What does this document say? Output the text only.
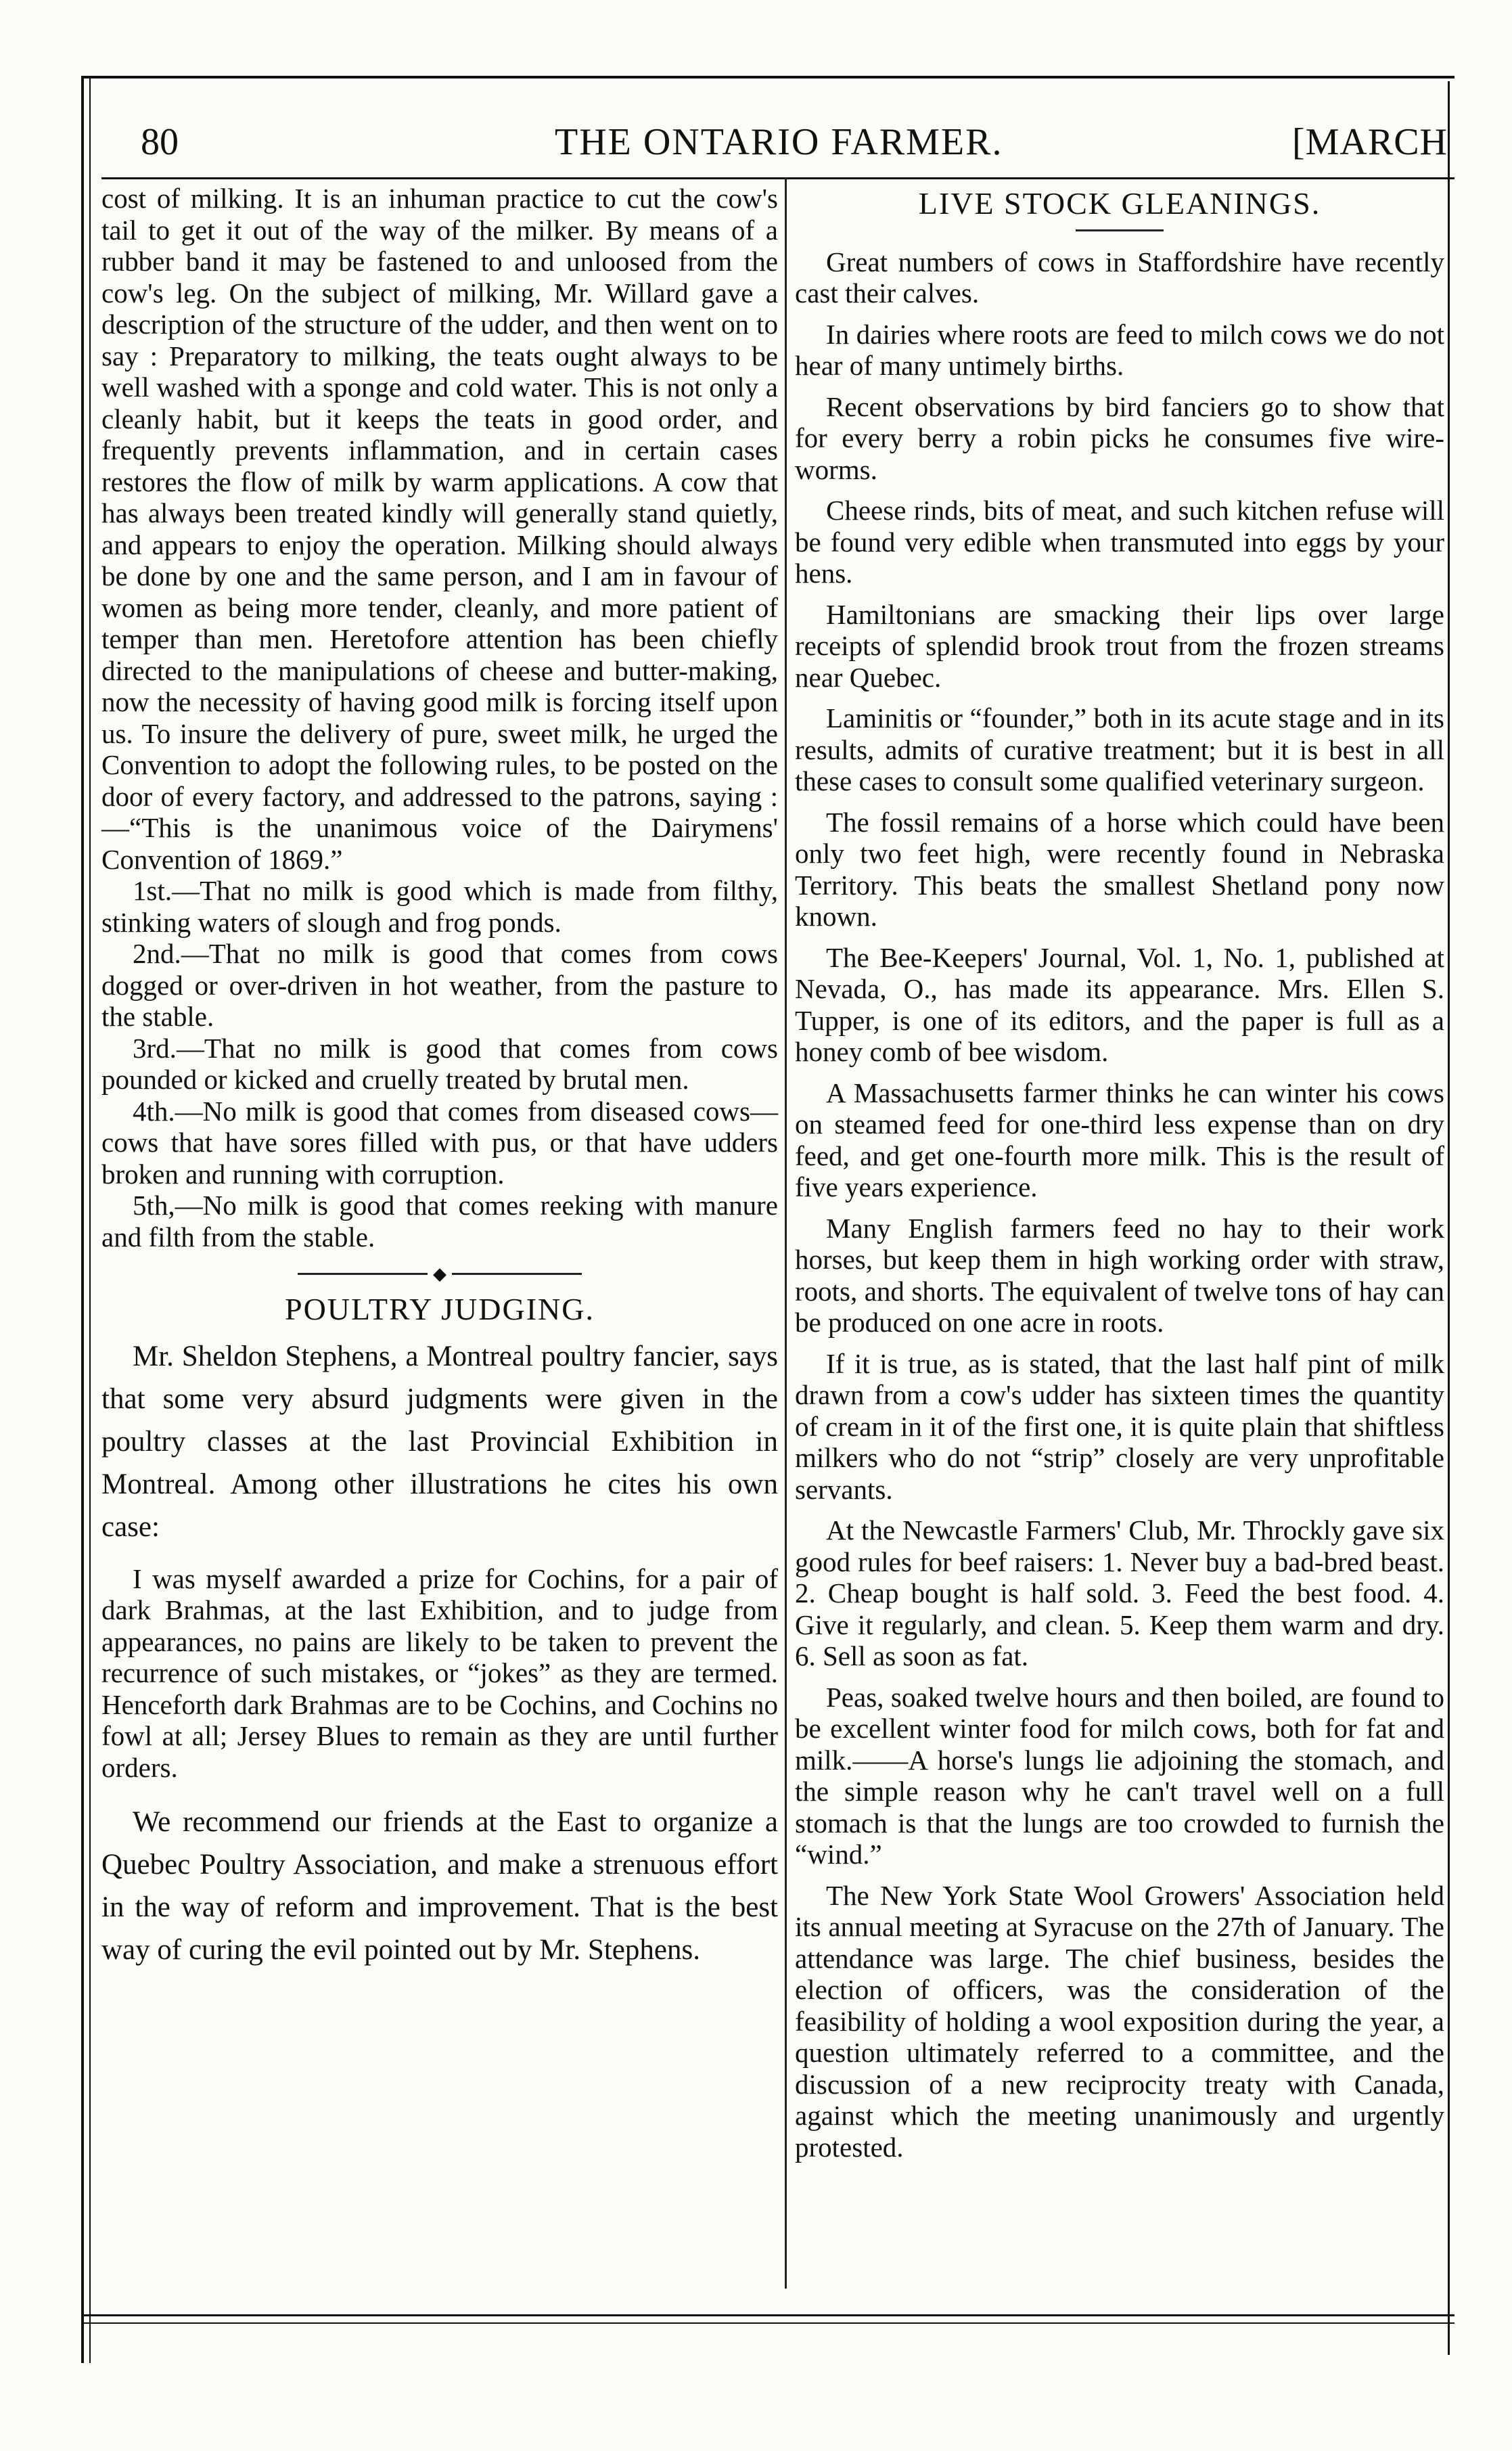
80	THE ONTARIO FARMER.	[MARCH

cost of milking. It is an inhuman practice to cut the cow's tail to get it out of the way of the milker. By means of a rubber band it may be fastened to and unloosed from the cow's leg. On the subject of milking, Mr. Willard gave a description of the structure of the udder, and then went on to say : Preparatory to milking, the teats ought always to be well washed with a sponge and cold water. This is not only a cleanly habit, but it keeps the teats in good order, and frequently prevents inflammation, and in certain cases restores the flow of milk by warm applications. A cow that has always been treated kindly will generally stand quietly, and appears to enjoy the operation. Milking should always be done by one and the same person, and I am in favour of women as being more tender, cleanly, and more patient of temper than men. Heretofore attention has been chiefly directed to the manipulations of cheese and butter-making, now the necessity of having good milk is forcing itself upon us. To insure the delivery of pure, sweet milk, he urged the Convention to adopt the following rules, to be posted on the door of every factory, and addressed to the patrons, saying :—“This is the unanimous voice of the Dairymens' Convention of 1869.”

1st.—That no milk is good which is made from filthy, stinking waters of slough and frog ponds.

2nd.—That no milk is good that comes from cows dogged or over-driven in hot weather, from the pasture to the stable.

3rd.—That no milk is good that comes from cows pounded or kicked and cruelly treated by brutal men.

4th.—No milk is good that comes from diseased cows—cows that have sores filled with pus, or that have udders broken and running with corruption.

5th,—No milk is good that comes reeking with manure and filth from the stable.

◆
POULTRY JUDGING.

Mr. Sheldon Stephens, a Montreal poultry fancier, says that some very absurd judgments were given in the poultry classes at the last Provincial Exhibition in Montreal. Among other illustrations he cites his own case:

I was myself awarded a prize for Cochins, for a pair of dark Brahmas, at the last Exhibition, and to judge from appearances, no pains are likely to be taken to prevent the recurrence of such mistakes, or “jokes” as they are termed. Henceforth dark Brahmas are to be Cochins, and Cochins no fowl at all; Jersey Blues to remain as they are until further orders.

We recommend our friends at the East to organize a Quebec Poultry Association, and make a strenuous effort in the way of reform and improvement. That is the best way of curing the evil pointed out by Mr. Stephens.

LIVE STOCK GLEANINGS.

Great numbers of cows in Staffordshire have recently cast their calves.

In dairies where roots are feed to milch cows we do not hear of many untimely births.

Recent observations by bird fanciers go to show that for every berry a robin picks he consumes five wire-worms.

Cheese rinds, bits of meat, and such kitchen refuse will be found very edible when transmuted into eggs by your hens.

Hamiltonians are smacking their lips over large receipts of splendid brook trout from the frozen streams near Quebec.

Laminitis or “founder,” both in its acute stage and in its results, admits of curative treatment; but it is best in all these cases to consult some qualified veterinary surgeon.

The fossil remains of a horse which could have been only two feet high, were recently found in Nebraska Territory. This beats the smallest Shetland pony now known.

The Bee-Keepers' Journal, Vol. 1, No. 1, published at Nevada, O., has made its appearance. Mrs. Ellen S. Tupper, is one of its editors, and the paper is full as a honey comb of bee wisdom.

A Massachusetts farmer thinks he can winter his cows on steamed feed for one-third less expense than on dry feed, and get one-fourth more milk. This is the result of five years experience.

Many English farmers feed no hay to their work horses, but keep them in high working order with straw, roots, and shorts. The equivalent of twelve tons of hay can be produced on one acre in roots.

If it is true, as is stated, that the last half pint of milk drawn from a cow's udder has sixteen times the quantity of cream in it of the first one, it is quite plain that shiftless milkers who do not “strip” closely are very unprofitable servants.

At the Newcastle Farmers' Club, Mr. Throckly gave six good rules for beef raisers: 1. Never buy a bad-bred beast. 2. Cheap bought is half sold. 3. Feed the best food. 4. Give it regularly, and clean. 5. Keep them warm and dry. 6. Sell as soon as fat.

Peas, soaked twelve hours and then boiled, are found to be excellent winter food for milch cows, both for fat and milk.——A horse's lungs lie adjoining the stomach, and the simple reason why he can't travel well on a full stomach is that the lungs are too crowded to furnish the “wind.”

The New York State Wool Growers' Association held its annual meeting at Syracuse on the 27th of January. The attendance was large. The chief business, besides the election of officers, was the consideration of the feasibility of holding a wool exposition during the year, a question ultimately referred to a committee, and the discussion of a new reciprocity treaty with Canada, against which the meeting unanimously and urgently protested.
